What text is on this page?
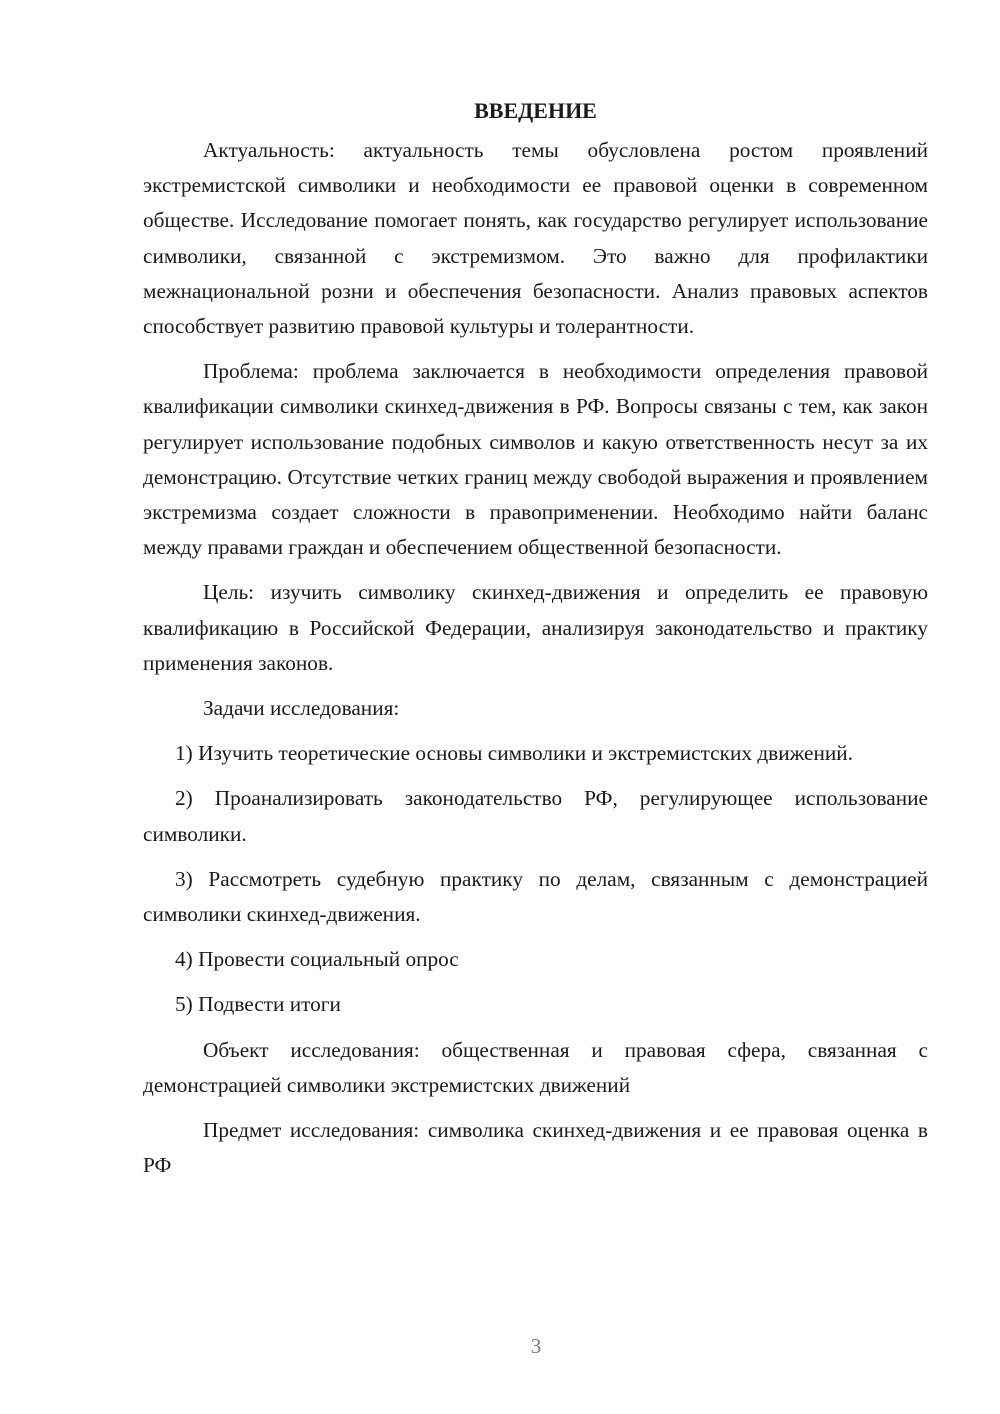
ВВЕДЕНИЕ

Актуальность: актуальность темы обусловлена ростом проявлений экстремистской символики и необходимости ее правовой оценки в современном обществе. Исследование помогает понять, как государство регулирует использование символики, связанной с экстремизмом. Это важно для профилактики межнациональной розни и обеспечения безопасности. Анализ правовых аспектов способствует развитию правовой культуры и толерантности.

Проблема: проблема заключается в необходимости определения правовой квалификации символики скинхед-движения в РФ. Вопросы связаны с тем, как закон регулирует использование подобных символов и какую ответственность несут за их демонстрацию. Отсутствие четких границ между свободой выражения и проявлением экстремизма создает сложности в правоприменении. Необходимо найти баланс между правами граждан и обеспечением общественной безопасности.

Цель: изучить символику скинхед-движения и определить ее правовую квалификацию в Российской Федерации, анализируя законодательство и практику применения законов.

Задачи исследования:

1) Изучить теоретические основы символики и экстремистских движений.

2) Проанализировать законодательство РФ, регулирующее использование символики.

3) Рассмотреть судебную практику по делам, связанным с демонстрацией символики скинхед-движения.

4) Провести социальный опрос

5) Подвести итоги

Объект исследования: общественная и правовая сфера, связанная с демонстрацией символики экстремистских движений

Предмет исследования: символика скинхед-движения и ее правовая оценка в РФ

3
